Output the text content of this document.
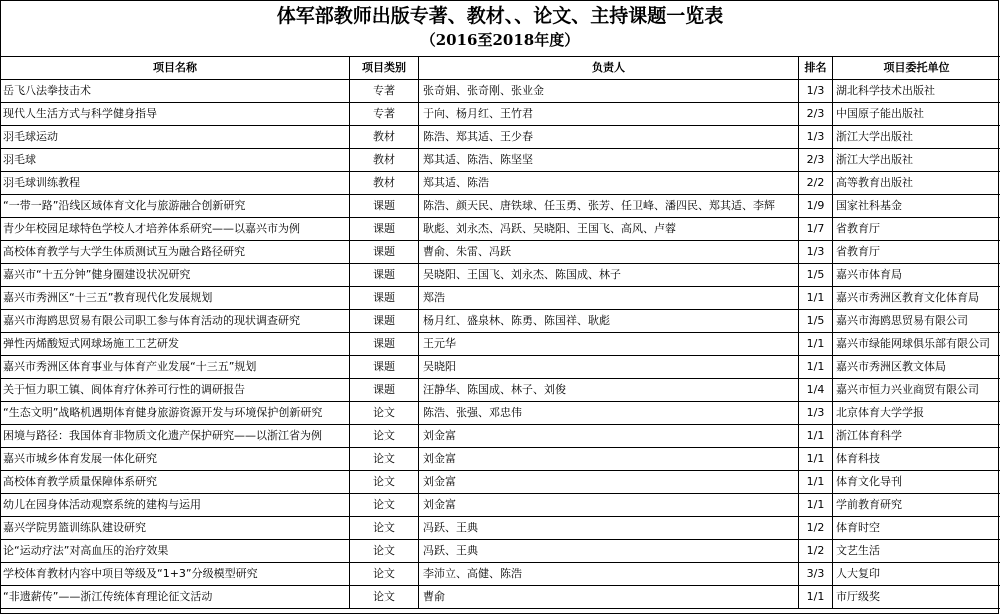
体军部教师出版专著、教材、、论文、主持课题一览表
（2016至2018年度）
项目名称	项目类别	负责人	排名	项目委托单位
岳飞八法拳技击术	专著	张奇娟、张奇刚、张业金	1/3	湖北科学技术出版社
现代人生活方式与科学健身指导	专著	于向、杨月红、王竹君	2/3	中国原子能出版社
羽毛球运动	教材	陈浩、郑其适、王少春	1/3	浙江大学出版社
羽毛球	教材	郑其适、陈浩、陈坚坚	2/3	浙江大学出版社
羽毛球训练教程	教材	郑其适、陈浩	2/2	高等教育出版社
“一带一路”沿线区域体育文化与旅游融合创新研究	课题	陈浩、颜天民、唐铁球、任玉勇、张芳、任卫峰、潘四民、郑其适、李辉	1/9	国家社科基金
青少年校园足球特色学校人才培养体系研究——以嘉兴市为例	课题	耿彪、刘永杰、冯跃、吴晓阳、王国飞、高风、卢蓉	1/7	省教育厅
高校体育教学与大学生体质测试互为融合路径研究	课题	曹俞、朱雷、冯跃	1/3	省教育厅
嘉兴市“十五分钟”健身圈建设状况研究	课题	吴晓阳、王国飞、刘永杰、陈国成、林子	1/5	嘉兴市体育局
嘉兴市秀洲区“十三五”教育现代化发展规划	课题	郑浩	1/1	嘉兴市秀洲区教育文化体育局
嘉兴市海鸥思贸易有限公司职工参与体育活动的现状调查研究	课题	杨月红、盛泉林、陈勇、陈国祥、耿彪	1/5	嘉兴市海鸥思贸易有限公司
弹性丙烯酸短式网球场施工工艺研发	课题	王元华	1/1	嘉兴市绿能网球俱乐部有限公司
嘉兴市秀洲区体育事业与体育产业发展“十三五”规划	课题	吴晓阳	1/1	嘉兴市秀洲区教文体局
关于恒力职工镇、阆体育疗休养可行性的调研报告	课题	汪静华、陈国成、林子、刘俊	1/4	嘉兴市恒力兴业商贸有限公司
“生态文明”战略机遇期体育健身旅游资源开发与环境保护创新研究	论文	陈浩、张强、邓忠伟	1/3	北京体育大学学报
困境与路径：我国体育非物质文化遗产保护研究——以浙江省为例	论文	刘金富	1/1	浙江体育科学
嘉兴市城乡体育发展一体化研究	论文	刘金富	1/1	体育科技
高校体育教学质量保障体系研究	论文	刘金富	1/1	体育文化导刊
幼儿在园身体活动观察系统的建构与运用	论文	刘金富	1/1	学前教育研究
嘉兴学院男篮训练队建设研究	论文	冯跃、王典	1/2	体育时空
论“运动疗法”对高血压的治疗效果	论文	冯跃、王典	1/2	文艺生活
学校体育教材内容中项目等级及“1+3”分级模型研究	论文	李沛立、高健、陈浩	3/3	人大复印
“非遗薪传”——浙江传统体育理论征文活动	论文	曹俞	1/1	市厅级奖
